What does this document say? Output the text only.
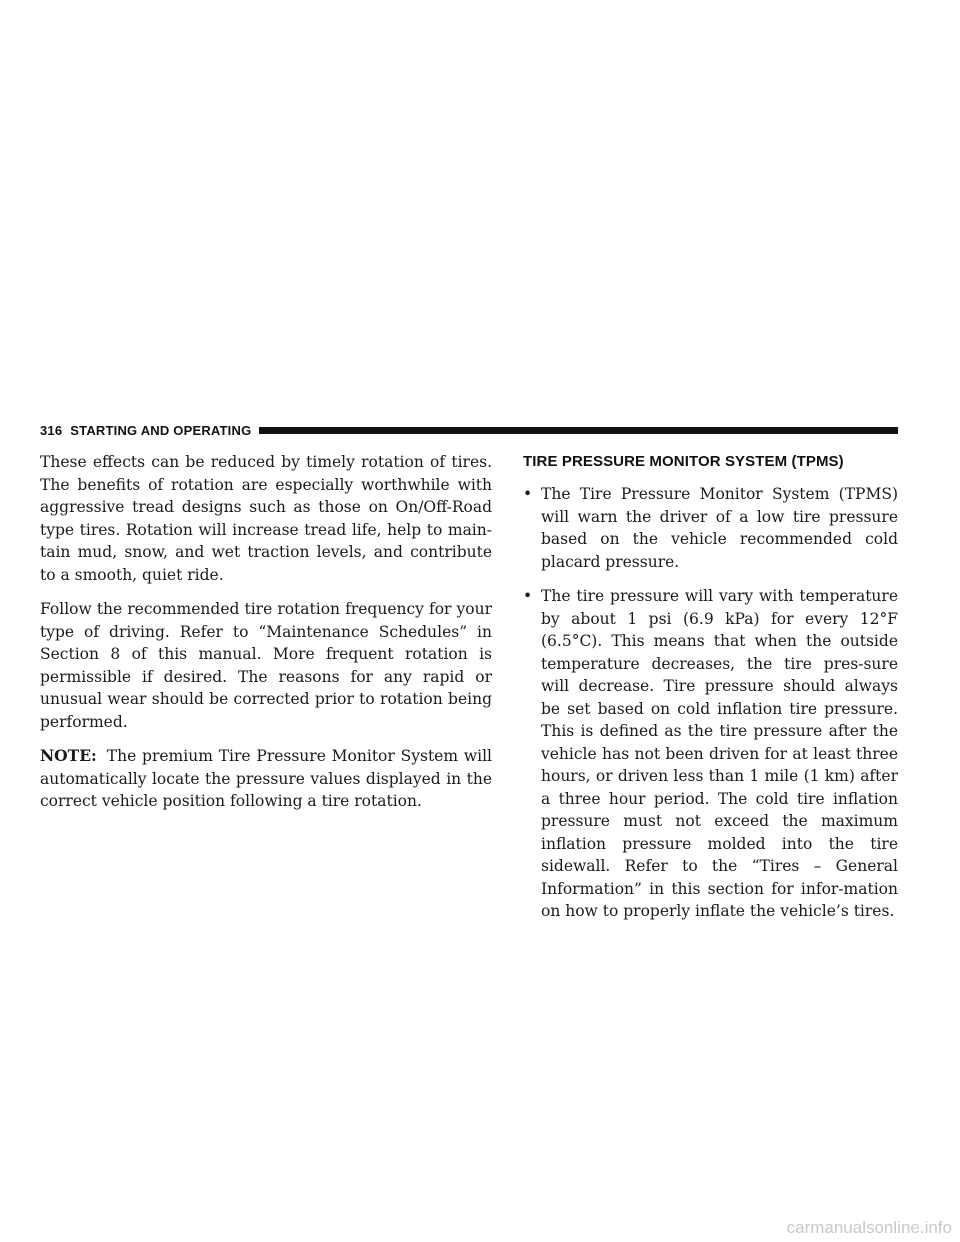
316 STARTING AND OPERATING

These effects can be reduced by timely rotation of tires. The benefits of rotation are especially worthwhile with aggressive tread designs such as those on On/Off-Road type tires. Rotation will increase tread life, help to main-tain mud, snow, and wet traction levels, and contribute to a smooth, quiet ride.

Follow the recommended tire rotation frequency for your type of driving. Refer to “Maintenance Schedules” in Section 8 of this manual. More frequent rotation is permissible if desired. The reasons for any rapid or unusual wear should be corrected prior to rotation being performed.

NOTE: The premium Tire Pressure Monitor System will automatically locate the pressure values displayed in the correct vehicle position following a tire rotation.

TIRE PRESSURE MONITOR SYSTEM (TPMS)
• The Tire Pressure Monitor System (TPMS) will warn the driver of a low tire pressure based on the vehicle recommended cold placard pressure.
• The tire pressure will vary with temperature by about 1 psi (6.9 kPa) for every 12°F (6.5°C). This means that when the outside temperature decreases, the tire pres-sure will decrease. Tire pressure should always be set based on cold inflation tire pressure. This is defined as the tire pressure after the vehicle has not been driven for at least three hours, or driven less than 1 mile (1 km) after a three hour period. The cold tire inflation pressure must not exceed the maximum inflation pressure molded into the tire sidewall. Refer to the “Tires – General Information” in this section for infor-mation on how to properly inflate the vehicle’s tires.
carmanualsonline.info
